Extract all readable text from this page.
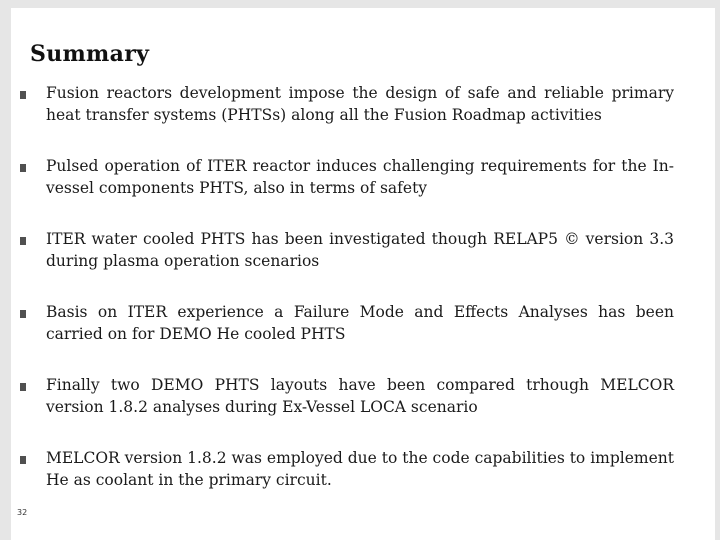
Summary

Fusion reactors development impose the design of safe and reliable primary heat transfer systems (PHTSs) along all the Fusion Roadmap activities

Pulsed operation of ITER reactor induces challenging requirements for the In-vessel components PHTS, also in terms of safety

ITER water cooled PHTS has been investigated though RELAP5 © version 3.3 during plasma operation scenarios

Basis on ITER experience a Failure Mode and Effects Analyses has been carried on for DEMO He cooled PHTS

Finally two DEMO PHTS layouts have been compared trhough MELCOR version 1.8.2 analyses during Ex-Vessel LOCA scenario

MELCOR version 1.8.2 was employed due to the code capabilities to implement He as coolant in the primary circuit.

32
